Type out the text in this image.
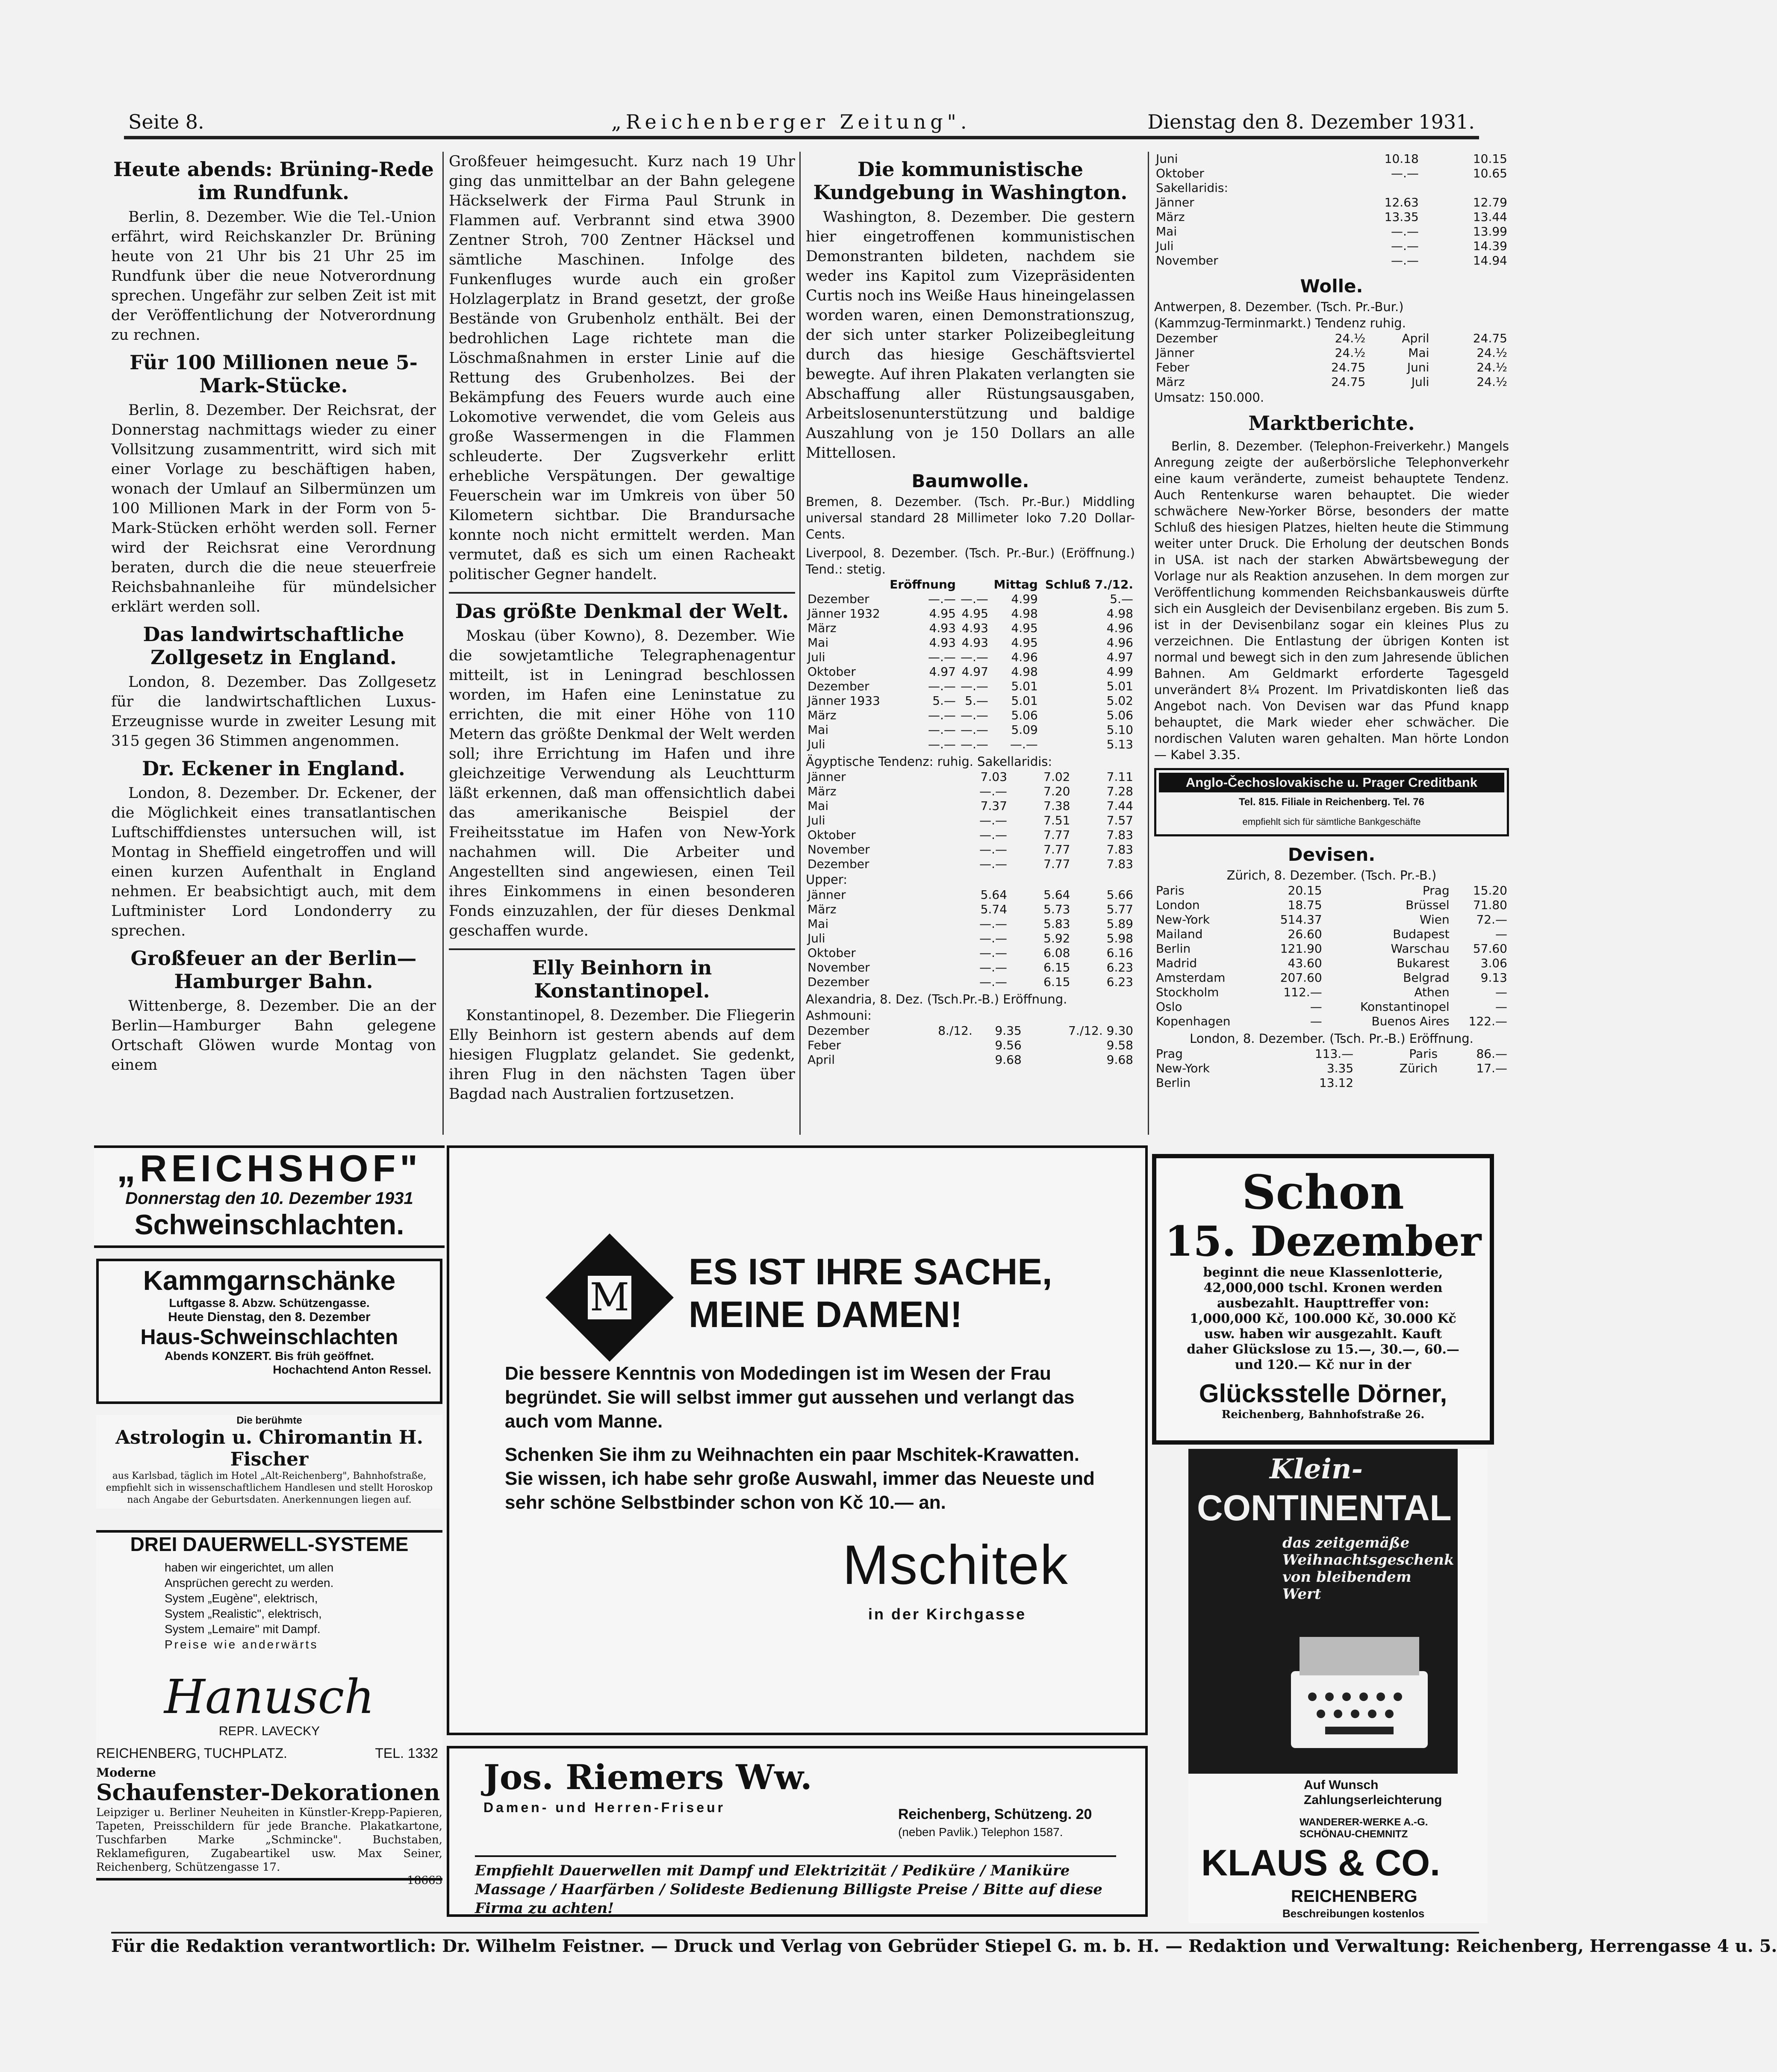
Seite 8.	„Reichenberger Zeitung".	Dienstag den 8. Dezember 1931.
Heute abends: Brüning-Rede im Rundfunk.

Berlin, 8. Dezember. Wie die Tel.-Union erfährt, wird Reichskanzler Dr. Brüning heute von 21 Uhr bis 21 Uhr 25 im Rundfunk über die neue Notverordnung sprechen. Ungefähr zur selben Zeit ist mit der Veröffentlichung der Notverordnung zu rechnen.

Für 100 Millionen neue 5-Mark-Stücke.

Berlin, 8. Dezember. Der Reichsrat, der Donnerstag nachmittags wieder zu einer Vollsitzung zusammentritt, wird sich mit einer Vorlage zu beschäftigen haben, wonach der Umlauf an Silbermünzen um 100 Millionen Mark in der Form von 5-Mark-Stücken erhöht werden soll. Ferner wird der Reichsrat eine Verordnung beraten, durch die die neue steuerfreie Reichsbahnanleihe für mündelsicher erklärt werden soll.

Das landwirtschaftliche Zollgesetz in England.

London, 8. Dezember. Das Zollgesetz für die landwirtschaftlichen Luxus-Erzeugnisse wurde in zweiter Lesung mit 315 gegen 36 Stimmen angenommen.

Dr. Eckener in England.

London, 8. Dezember. Dr. Eckener, der die Möglichkeit eines transatlantischen Luftschiffdienstes untersuchen will, ist Montag in Sheffield eingetroffen und will einen kurzen Aufenthalt in England nehmen. Er beabsichtigt auch, mit dem Luftminister Lord Londonderry zu sprechen.

Großfeuer an der Berlin—Hamburger Bahn.

Wittenberge, 8. Dezember. Die an der Berlin—Hamburger Bahn gelegene Ortschaft Glöwen wurde Montag von einem

Großfeuer heimgesucht. Kurz nach 19 Uhr ging das unmittelbar an der Bahn gelegene Häckselwerk der Firma Paul Strunk in Flammen auf. Verbrannt sind etwa 3900 Zentner Stroh, 700 Zentner Häcksel und sämtliche Maschinen. Infolge des Funkenfluges wurde auch ein großer Holzlagerplatz in Brand gesetzt, der große Bestände von Grubenholz enthält. Bei der bedrohlichen Lage richtete man die Löschmaßnahmen in erster Linie auf die Rettung des Grubenholzes. Bei der Bekämpfung des Feuers wurde auch eine Lokomotive verwendet, die vom Geleis aus große Wassermengen in die Flammen schleuderte. Der Zugsverkehr erlitt erhebliche Verspätungen. Der gewaltige Feuerschein war im Umkreis von über 50 Kilometern sichtbar. Die Brandursache konnte noch nicht ermittelt werden. Man vermutet, daß es sich um einen Racheakt politischer Gegner handelt.

Das größte Denkmal der Welt.

Moskau (über Kowno), 8. Dezember. Wie die sowjetamtliche Telegraphenagentur mitteilt, ist in Leningrad beschlossen worden, im Hafen eine Leninstatue zu errichten, die mit einer Höhe von 110 Metern das größte Denkmal der Welt werden soll; ihre Errichtung im Hafen und ihre gleichzeitige Verwendung als Leuchtturm läßt erkennen, daß man offensichtlich dabei das amerikanische Beispiel der Freiheitsstatue im Hafen von New-York nachahmen will. Die Arbeiter und Angestellten sind angewiesen, einen Teil ihres Einkommens in einen besonderen Fonds einzuzahlen, der für dieses Denkmal geschaffen wurde.

Elly Beinhorn in Konstantinopel.

Konstantinopel, 8. Dezember. Die Fliegerin Elly Beinhorn ist gestern abends auf dem hiesigen Flugplatz gelandet. Sie gedenkt, ihren Flug in den nächsten Tagen über Bagdad nach Australien fortzusetzen.

Die kommunistische Kundgebung in Washington.

Washington, 8. Dezember. Die gestern hier eingetroffenen kommunistischen Demonstranten bildeten, nachdem sie weder ins Kapitol zum Vizepräsidenten Curtis noch ins Weiße Haus hineingelassen worden waren, einen Demonstrationszug, der sich unter starker Polizeibegleitung durch das hiesige Geschäftsviertel bewegte. Auf ihren Plakaten verlangten sie Abschaffung aller Rüstungsausgaben, Arbeitslosenunterstützung und baldige Auszahlung von je 150 Dollars an alle Mittellosen.

Baumwolle.
Bremen, 8. Dezember. (Tsch. Pr.-Bur.) Middling universal standard 28 Millimeter loko 7.20 Dollar-Cents.
Liverpool, 8. Dezember. (Tsch. Pr.-Bur.) (Eröffnung.) Tend.: stetig.
	Eröffnung		Mittag	Schluß 7./12.
Dezember	—.—	—.—	4.99	5.—
Jänner 1932	4.95	4.95	4.98	4.98
März	4.93	4.93	4.95	4.96
Mai	4.93	4.93	4.95	4.96
Juli	—.—	—.—	4.96	4.97
Oktober	4.97	4.97	4.98	4.99
Dezember	—.—	—.—	5.01	5.01
Jänner 1933	5.—	5.—	5.01	5.02
März	—.—	—.—	5.06	5.06
Mai	—.—	—.—	5.09	5.10
Juli	—.—	—.—	—.—	5.13
Ägyptische Tendenz: ruhig. Sakellaridis:
Jänner	7.03	7.02	7.11
März	—.—	7.20	7.28
Mai	7.37	7.38	7.44
Juli	—.—	7.51	7.57
Oktober	—.—	7.77	7.83
November	—.—	7.77	7.83
Dezember	—.—	7.77	7.83
Upper:
Jänner	5.64	5.64	5.66
März	5.74	5.73	5.77
Mai	—.—	5.83	5.89
Juli	—.—	5.92	5.98
Oktober	—.—	6.08	6.16
November	—.—	6.15	6.23
Dezember	—.—	6.15	6.23
Alexandria, 8. Dez. (Tsch.Pr.-B.) Eröffnung.
Ashmouni:
Dezember	8./12.	9.35	7./12. 9.30
Feber		9.56	9.58
April		9.68	9.68
Juni	10.18	10.15
Oktober	—.—	10.65
Sakellaridis:		
Jänner	12.63	12.79
März	13.35	13.44
Mai	—.—	13.99
Juli	—.—	14.39
November	—.—	14.94
Wolle.
Antwerpen, 8. Dezember. (Tsch. Pr.-Bur.)
(Kammzug-Terminmarkt.) Tendenz ruhig.
Dezember	24.½	April	24.75
Jänner	24.½	Mai	24.½
Feber	24.75	Juni	24.½
März	24.75	Juli	24.½
Umsatz: 150.000.
Marktberichte.

Berlin, 8. Dezember. (Telephon-Freiverkehr.) Mangels Anregung zeigte der außerbörsliche Telephonverkehr eine kaum veränderte, zumeist behauptete Tendenz. Auch Rentenkurse waren behauptet. Die wieder schwächere New-Yorker Börse, besonders der matte Schluß des hiesigen Platzes, hielten heute die Stimmung weiter unter Druck. Die Erholung der deutschen Bonds in USA. ist nach der starken Abwärtsbewegung der Vorlage nur als Reaktion anzusehen. In dem morgen zur Veröffentlichung kommenden Reichsbankausweis dürfte sich ein Ausgleich der Devisenbilanz ergeben. Bis zum 5. ist in der Devisenbilanz sogar ein kleines Plus zu verzeichnen. Die Entlastung der übrigen Konten ist normal und bewegt sich in den zum Jahresende üblichen Bahnen. Am Geldmarkt erforderte Tagesgeld unverändert 8¼ Prozent. Im Privatdiskonten ließ das Angebot nach. Von Devisen war das Pfund knapp behauptet, die Mark wieder eher schwächer. Die nordischen Valuten waren gehalten. Man hörte London — Kabel 3.35.

Anglo-Čechoslovakische u. Prager Creditbank
Tel. 815. Filiale in Reichenberg. Tel. 76
empfiehlt sich für sämtliche Bankgeschäfte
Devisen.
Zürich, 8. Dezember. (Tsch. Pr.-B.)
Paris	20.15	Prag	15.20
London	18.75	Brüssel	71.80
New-York	514.37	Wien	72.—
Mailand	26.60	Budapest	—
Berlin	121.90	Warschau	57.60
Madrid	43.60	Bukarest	3.06
Amsterdam	207.60	Belgrad	9.13
Stockholm	112.—	Athen	—
Oslo	—	Konstantinopel	—
Kopenhagen	—	Buenos Aires	122.—
London, 8. Dezember. (Tsch. Pr.-B.) Eröffnung.
Prag	113.—	Paris	86.—
New-York	3.35	Zürich	17.—
Berlin	13.12		
„REICHSHOF"
Donnerstag den 10. Dezember 1931
Schweinschlachten.
Kammgarnschänke
Luftgasse 8. Abzw. Schützengasse.
Heute Dienstag, den 8. Dezember
Haus-Schweinschlachten
Abends KONZERT. Bis früh geöffnet.
Hochachtend Anton Ressel.
Die berühmte
Astrologin u. Chiromantin H. Fischer
aus Karlsbad, täglich im Hotel „Alt-Reichenberg", Bahnhofstraße, empfiehlt sich in wissenschaftlichem Handlesen und stellt Horoskop nach Angabe der Geburtsdaten. Anerkennungen liegen auf.
DREI DAUERWELL-SYSTEME
haben wir eingerichtet, um allen
Ansprüchen gerecht zu werden.
System „Eugène", elektrisch,
System „Realistic", elektrisch,
System „Lemaire" mit Dampf.
Preise wie anderwärts
Hanusch
REPR. LAVECKY
REICHENBERG, TUCHPLATZ.	TEL. 1332
Moderne
Schaufenster-Dekorationen
Leipziger u. Berliner Neuheiten in Künstler-Krepp-Papieren, Tapeten, Preisschildern für jede Branche. Plakatkartone, Tuschfarben Marke „Schmincke". Buchstaben, Reklamefiguren, Zugabeartikel usw. Max Seiner, Reichenberg, Schützengasse 17.
18663
M
ES IST IHRE SACHE,
MEINE DAMEN!
Die bessere Kenntnis von Modedingen ist im Wesen der Frau begründet. Sie will selbst immer gut aussehen und verlangt das auch vom Manne.
Schenken Sie ihm zu Weihnachten ein paar Mschitek-Krawatten. Sie wissen, ich habe sehr große Auswahl, immer das Neueste und sehr schöne Selbstbinder schon von Kč 10.— an.
Mschitek
in der Kirchgasse
Jos. Riemers Ww.
Damen- und Herren-Friseur	Reichenberg, Schützeng. 20
(neben Pavlik.) Telephon 1587.
Empfiehlt Dauerwellen mit Dampf und Elektrizität / Pediküre / Maniküre Massage / Haarfärben / Solideste Bedienung Billigste Preise / Bitte auf diese Firma zu achten!
Schon
15. Dezember
beginnt die neue Klassenlotterie, 42,000,000 tschl. Kronen werden ausbezahlt. Haupttreffer von: 1,000,000 Kč, 100.000 Kč, 30.000 Kč usw. haben wir ausgezahlt. Kauft daher Glückslose zu 15.—, 30.—, 60.— und 120.— Kč nur in der
Glücksstelle Dörner,
Reichenberg, Bahnhofstraße 26.
Klein-
CONTINENTAL
das zeitgemäße Weihnachtsgeschenk von bleibendem Wert
Auf Wunsch
Zahlungserleichterung
WANDERER-WERKE A.-G. SCHÖNAU-CHEMNITZ
KLAUS & CO.
REICHENBERG
Beschreibungen kostenlos
Für die Redaktion verantwortlich: Dr. Wilhelm Feistner. — Druck und Verlag von Gebrüder Stiepel G. m. b. H. — Redaktion und Verwaltung: Reichenberg, Herrengasse 4 u. 5.
